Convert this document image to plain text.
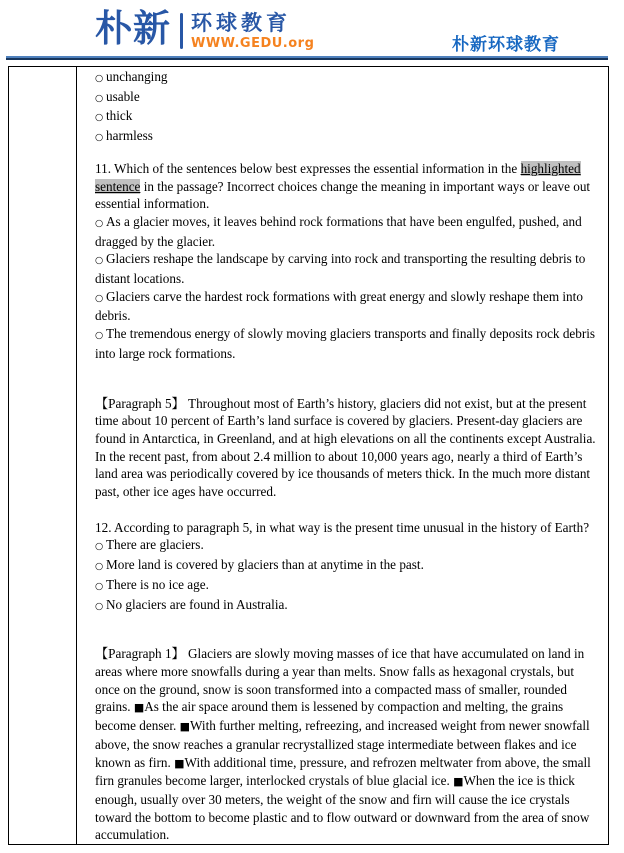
朴新 环球教育
WWW.GEDU.org	朴新环球教育

○ unchanging

○ usable

○ thick

○ harmless

11. Which of the sentences below best expresses the essential information in the highlighted sentence in the passage? Incorrect choices change the meaning in important ways or leave out essential information.

○ As a glacier moves, it leaves behind rock formations that have been engulfed, pushed, and dragged by the glacier.

○ Glaciers reshape the landscape by carving into rock and transporting the resulting debris to distant locations.

○ Glaciers carve the hardest rock formations with great energy and slowly reshape them into debris.

○ The tremendous energy of slowly moving glaciers transports and finally deposits rock debris into large rock formations.

【Paragraph 5】 Throughout most of Earth’s history, glaciers did not exist, but at the present time about 10 percent of Earth’s land surface is covered by glaciers. Present-day glaciers are found in Antarctica, in Greenland, and at high elevations on all the continents except Australia. In the recent past, from about 2.4 million to about 10,000 years ago, nearly a third of Earth’s land area was periodically covered by ice thousands of meters thick. In the much more distant past, other ice ages have occurred.

12. According to paragraph 5, in what way is the present time unusual in the history of Earth?

○ There are glaciers.

○ More land is covered by glaciers than at anytime in the past.

○ There is no ice age.

○ No glaciers are found in Australia.

【Paragraph 1】 Glaciers are slowly moving masses of ice that have accumulated on land in areas where more snowfalls during a year than melts. Snow falls as hexagonal crystals, but once on the ground, snow is soon transformed into a compacted mass of smaller, rounded grains. ■As the air space around them is lessened by compaction and melting, the grains become denser. ■With further melting, refreezing, and increased weight from newer snowfall above, the snow reaches a granular recrystallized stage intermediate between flakes and ice known as firn. ■With additional time, pressure, and refrozen meltwater from above, the small firn granules become larger, interlocked crystals of blue glacial ice. ■When the ice is thick enough, usually over 30 meters, the weight of the snow and firn will cause the ice crystals toward the bottom to become plastic and to flow outward or downward from the area of snow accumulation.
